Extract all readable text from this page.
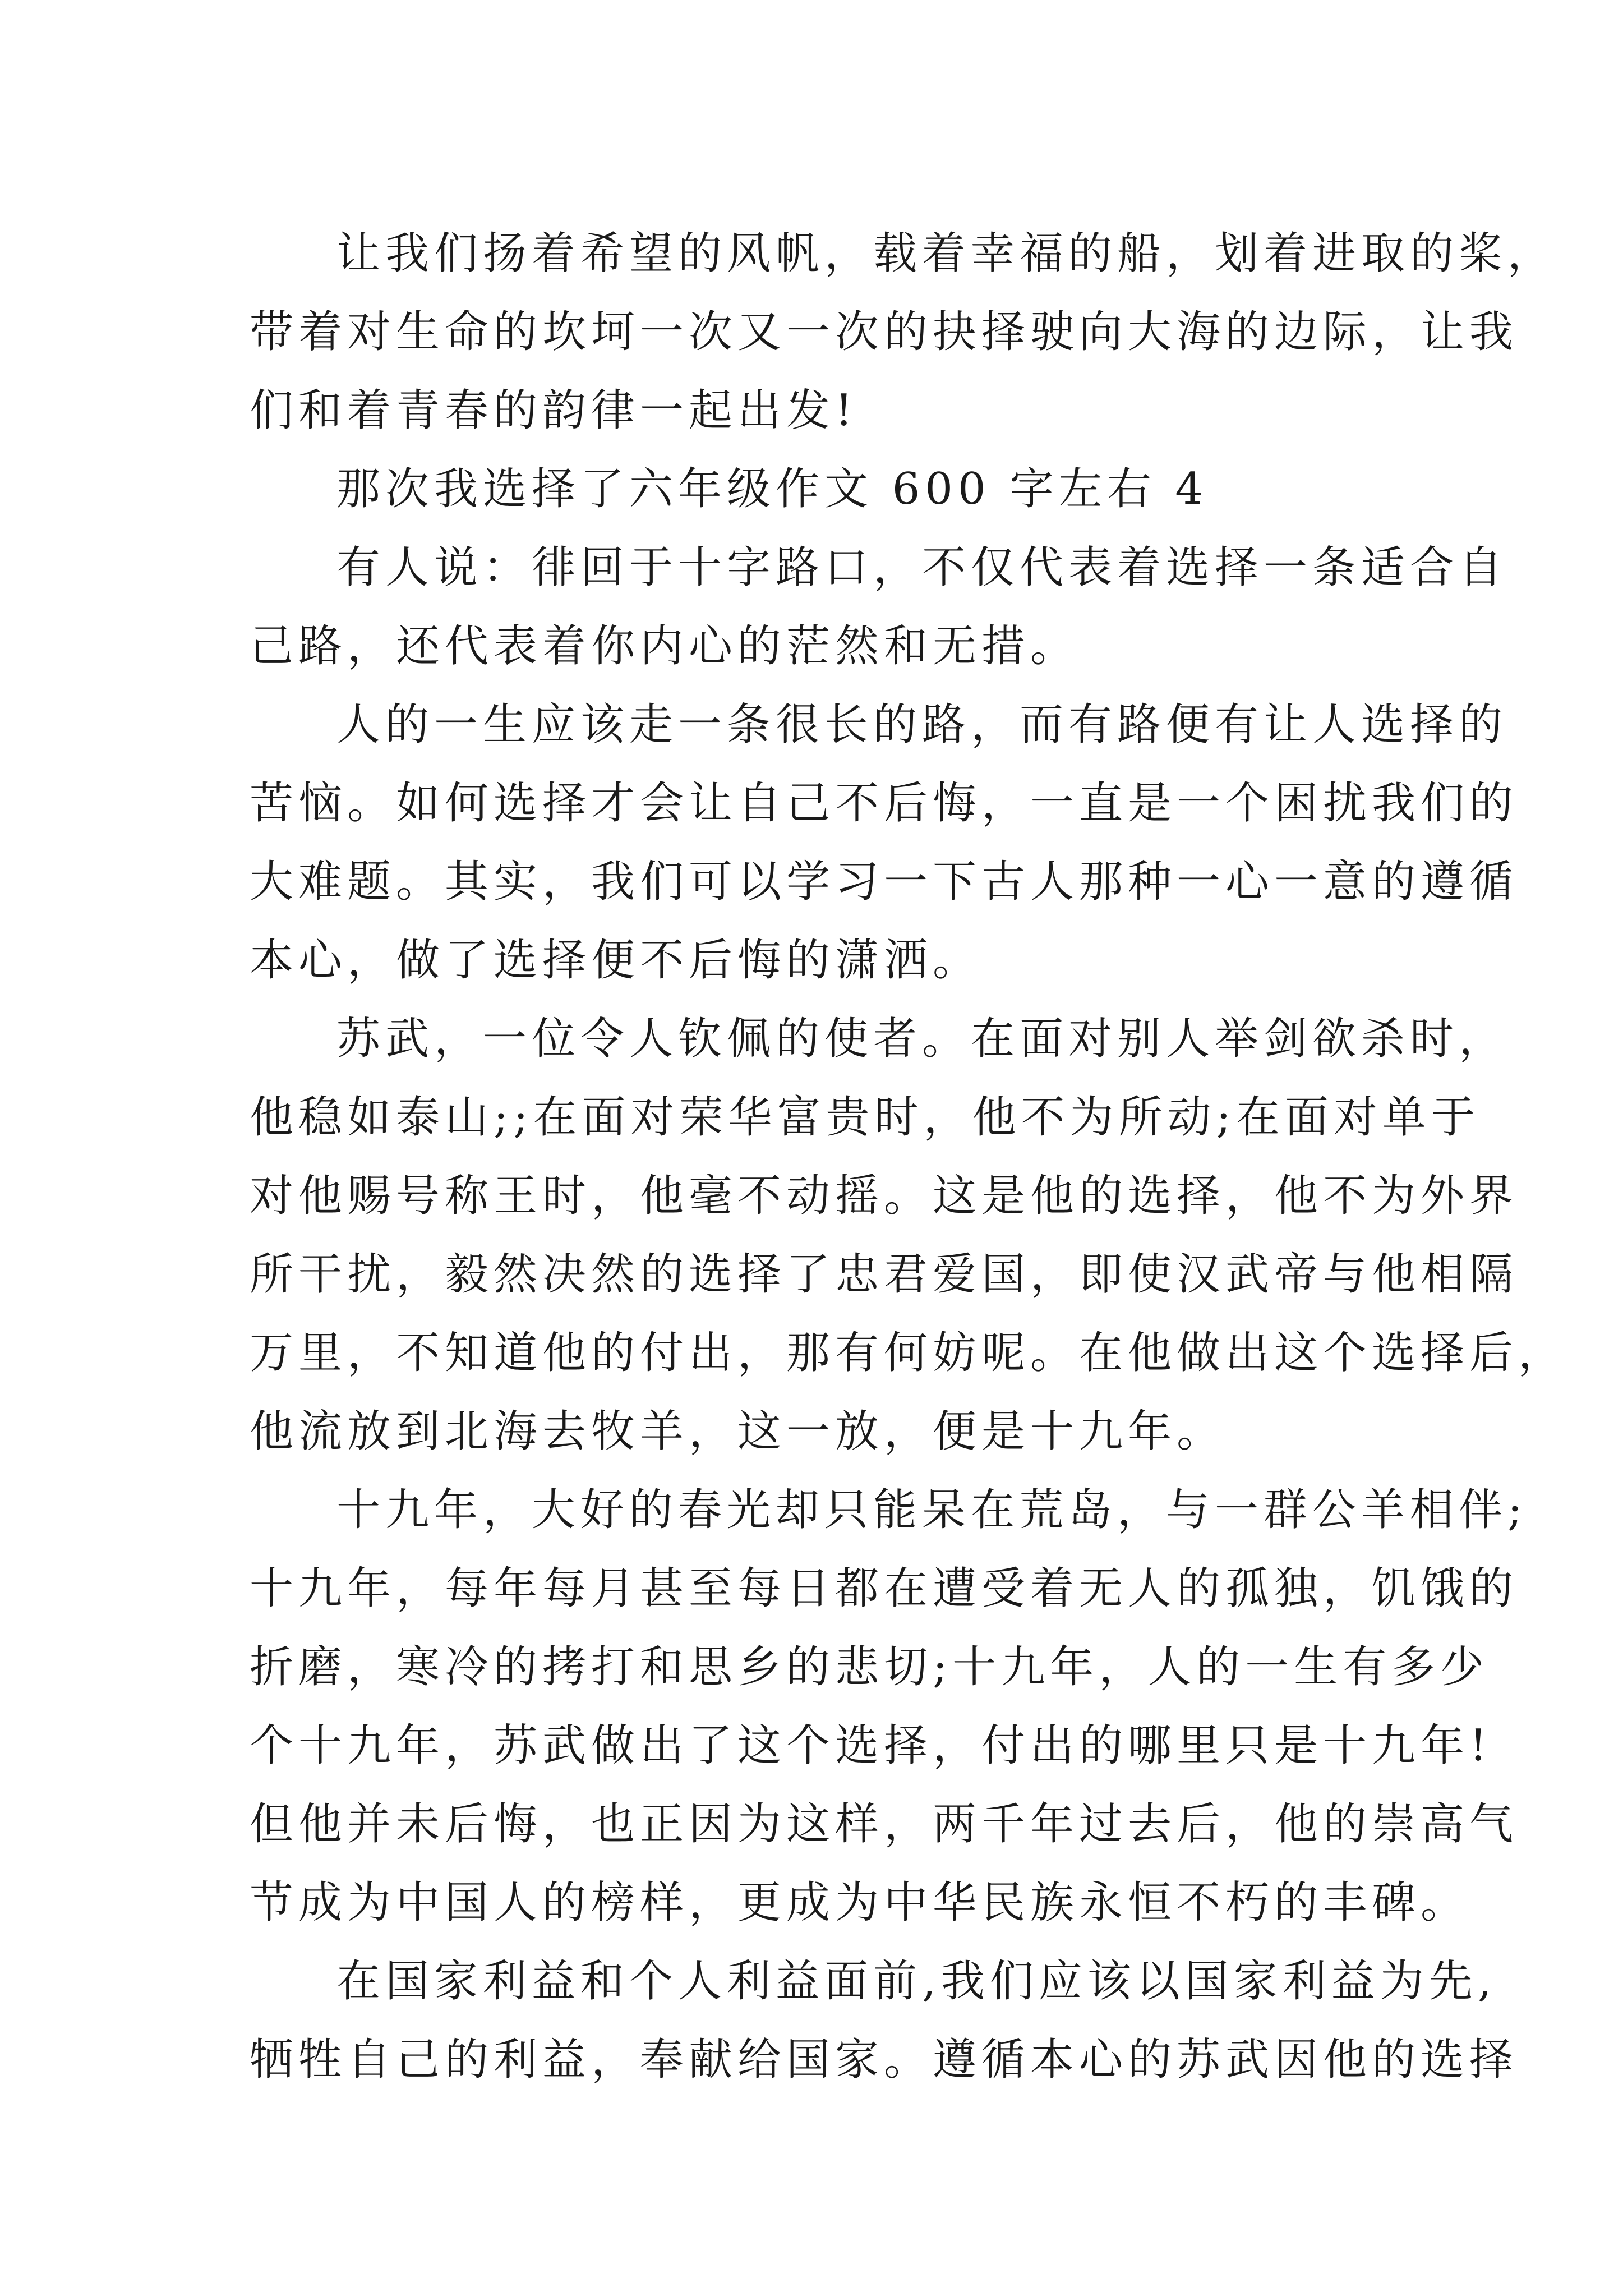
让我们扬着希望的风帆，载着幸福的船，划着进取的桨，
带着对生命的坎坷一次又一次的抉择驶向大海的边际，让我
们和着青春的韵律一起出发!
那次我选择了六年级作文 600 字左右 4
有人说：徘回于十字路口，不仅代表着选择一条适合自
己路，还代表着你内心的茫然和无措。
人的一生应该走一条很长的路，而有路便有让人选择的
苦恼。如何选择才会让自己不后悔，一直是一个困扰我们的
大难题。其实，我们可以学习一下古人那种一心一意的遵循
本心，做了选择便不后悔的潇洒。
苏武，一位令人钦佩的使者。在面对别人举剑欲杀时，
他稳如泰山;;在面对荣华富贵时，他不为所动;在面对单于
对他赐号称王时，他毫不动摇。这是他的选择，他不为外界
所干扰，毅然决然的选择了忠君爱国，即使汉武帝与他相隔
万里，不知道他的付出，那有何妨呢。在他做出这个选择后，
他流放到北海去牧羊，这一放，便是十九年。
十九年，大好的春光却只能呆在荒岛，与一群公羊相伴;
十九年，每年每月甚至每日都在遭受着无人的孤独，饥饿的
折磨，寒冷的拷打和思乡的悲切;十九年，人的一生有多少
个十九年，苏武做出了这个选择，付出的哪里只是十九年!
但他并未后悔，也正因为这样，两千年过去后，他的崇高气
节成为中国人的榜样，更成为中华民族永恒不朽的丰碑。
在国家利益和个人利益面前,我们应该以国家利益为先,
牺牲自己的利益，奉献给国家。遵循本心的苏武因他的选择
